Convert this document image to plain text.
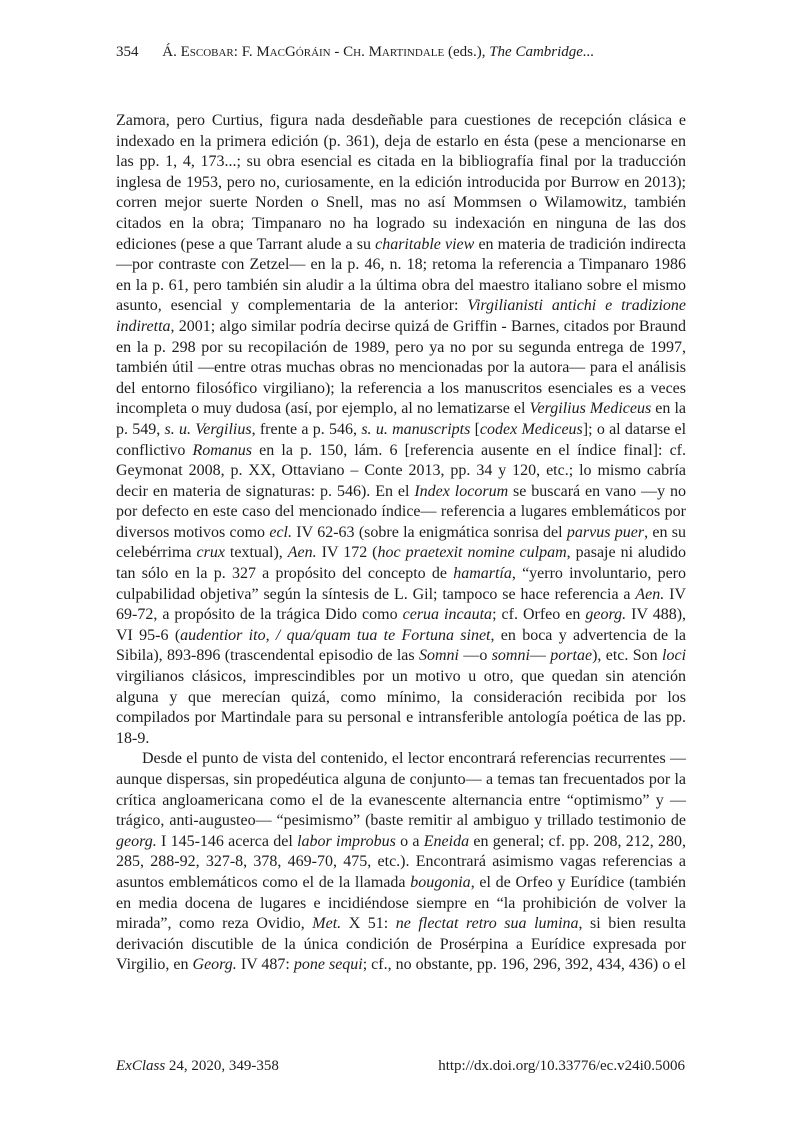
354 Á. Escobar: F. MacGóráin - Ch. Martindale (eds.), The Cambridge...

Zamora, pero Curtius, figura nada desdeñable para cuestiones de recepción clásica e indexado en la primera edición (p. 361), deja de estarlo en ésta (pese a mencionarse en las pp. 1, 4, 173...; su obra esencial es citada en la bibliografía final por la traducción inglesa de 1953, pero no, curiosamente, en la edición introducida por Burrow en 2013); corren mejor suerte Norden o Snell, mas no así Mommsen o Wilamowitz, también citados en la obra; Timpanaro no ha logrado su indexación en ninguna de las dos ediciones (pese a que Tarrant alude a su charitable view en materia de tradición indirecta —por contraste con Zetzel— en la p. 46, n. 18; retoma la referencia a Timpanaro 1986 en la p. 61, pero también sin aludir a la última obra del maestro italiano sobre el mismo asunto, esencial y complementaria de la anterior: Virgilianisti antichi e tradizione indiretta, 2001; algo similar podría decirse quizá de Griffin - Barnes, citados por Braund en la p. 298 por su recopilación de 1989, pero ya no por su segunda entrega de 1997, también útil —entre otras muchas obras no mencionadas por la autora— para el análisis del entorno filosófico virgiliano); la referencia a los manuscritos esenciales es a veces incompleta o muy dudosa (así, por ejemplo, al no lematizarse el Vergilius Mediceus en la p. 549, s. u. Vergilius, frente a p. 546, s. u. manuscripts [codex Mediceus]; o al datarse el conflictivo Romanus en la p. 150, lám. 6 [referencia ausente en el índice final]: cf. Geymonat 2008, p. XX, Ottaviano – Conte 2013, pp. 34 y 120, etc.; lo mismo cabría decir en materia de signaturas: p. 546). En el Index locorum se buscará en vano —y no por defecto en este caso del mencionado índice— referencia a lugares emblemáticos por diversos motivos como ecl. IV 62-63 (sobre la enigmática sonrisa del parvus puer, en su celebérrima crux textual), Aen. IV 172 (hoc praetexit nomine culpam, pasaje ni aludido tan sólo en la p. 327 a propósito del concepto de hamartía, “yerro involuntario, pero culpabilidad objetiva” según la síntesis de L. Gil; tampoco se hace referencia a Aen. IV 69-72, a propósito de la trágica Dido como cerua incauta; cf. Orfeo en georg. IV 488), VI 95-6 (audentior ito, / qua/quam tua te Fortuna sinet, en boca y advertencia de la Sibila), 893-896 (trascendental episodio de las Somni —o somni— portae), etc. Son loci virgilianos clásicos, imprescindibles por un motivo u otro, que quedan sin atención alguna y que merecían quizá, como mínimo, la consideración recibida por los compilados por Martindale para su personal e intransferible antología poética de las pp. 18-9.

Desde el punto de vista del contenido, el lector encontrará referencias recurrentes —aunque dispersas, sin propedéutica alguna de conjunto— a temas tan frecuentados por la crítica angloamericana como el de la evanescente alternancia entre “optimismo” y —trágico, anti-augusteo— “pesimismo” (baste remitir al ambiguo y trillado testimonio de georg. I 145-146 acerca del labor improbus o a Eneida en general; cf. pp. 208, 212, 280, 285, 288-92, 327-8, 378, 469-70, 475, etc.). Encontrará asimismo vagas referencias a asuntos emblemáticos como el de la llamada bougonia, el de Orfeo y Eurídice (también en media docena de lugares e incidiéndose siempre en “la prohibición de volver la mirada”, como reza Ovidio, Met. X 51: ne flectat retro sua lumina, si bien resulta derivación discutible de la única condición de Prosérpina a Eurídice expresada por Virgilio, en Georg. IV 487: pone sequi; cf., no obstante, pp. 196, 296, 392, 434, 436) o el

ExClass 24, 2020, 349-358	http://dx.doi.org/10.33776/ec.v24i0.5006
